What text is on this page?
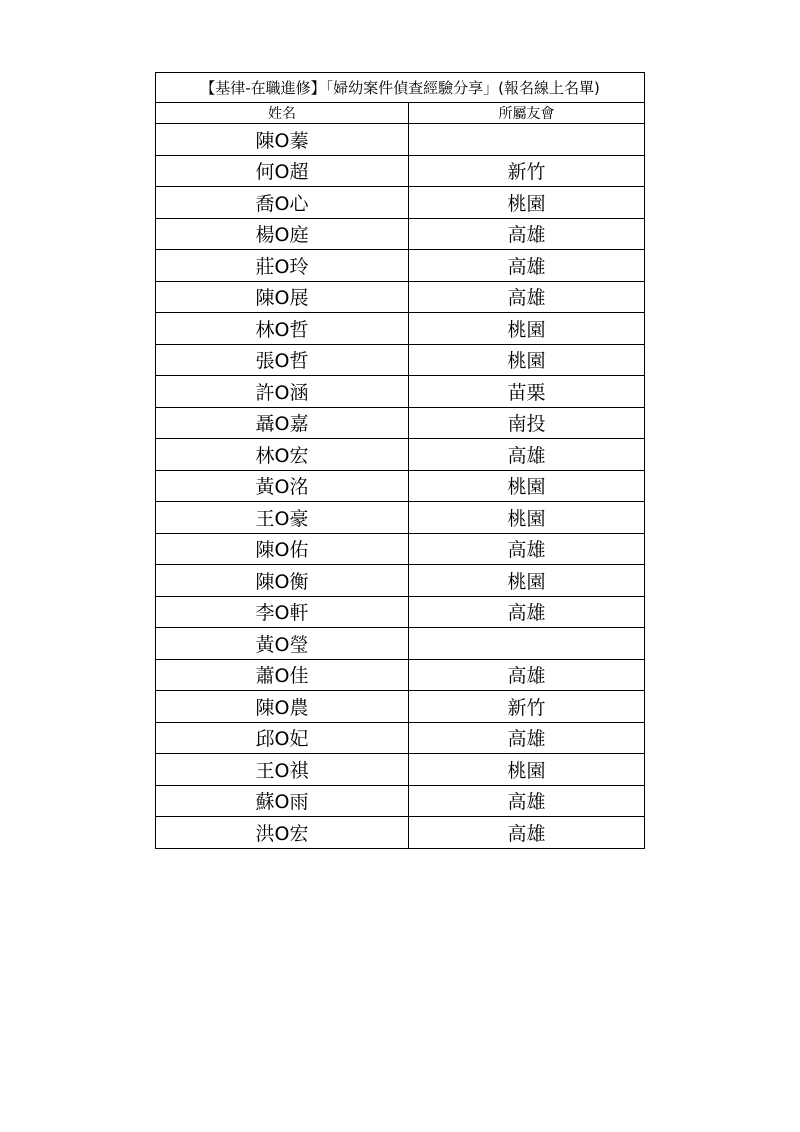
【基律-在職進修】「婦幼案件偵查經驗分享」(報名線上名單)	
姓名	所屬友會
陳O蓁	
何O超	新竹
喬O心	桃園
楊O庭	高雄
莊O玲	高雄
陳O展	高雄
林O哲	桃園
張O哲	桃園
許O涵	苗栗
聶O嘉	南投
林O宏	高雄
黃O洺	桃園
王O豪	桃園
陳O佑	高雄
陳O衡	桃園
李O軒	高雄
黃O瑩	
蕭O佳	高雄
陳O農	新竹
邱O妃	高雄
王O祺	桃園
蘇O雨	高雄
洪O宏	高雄
